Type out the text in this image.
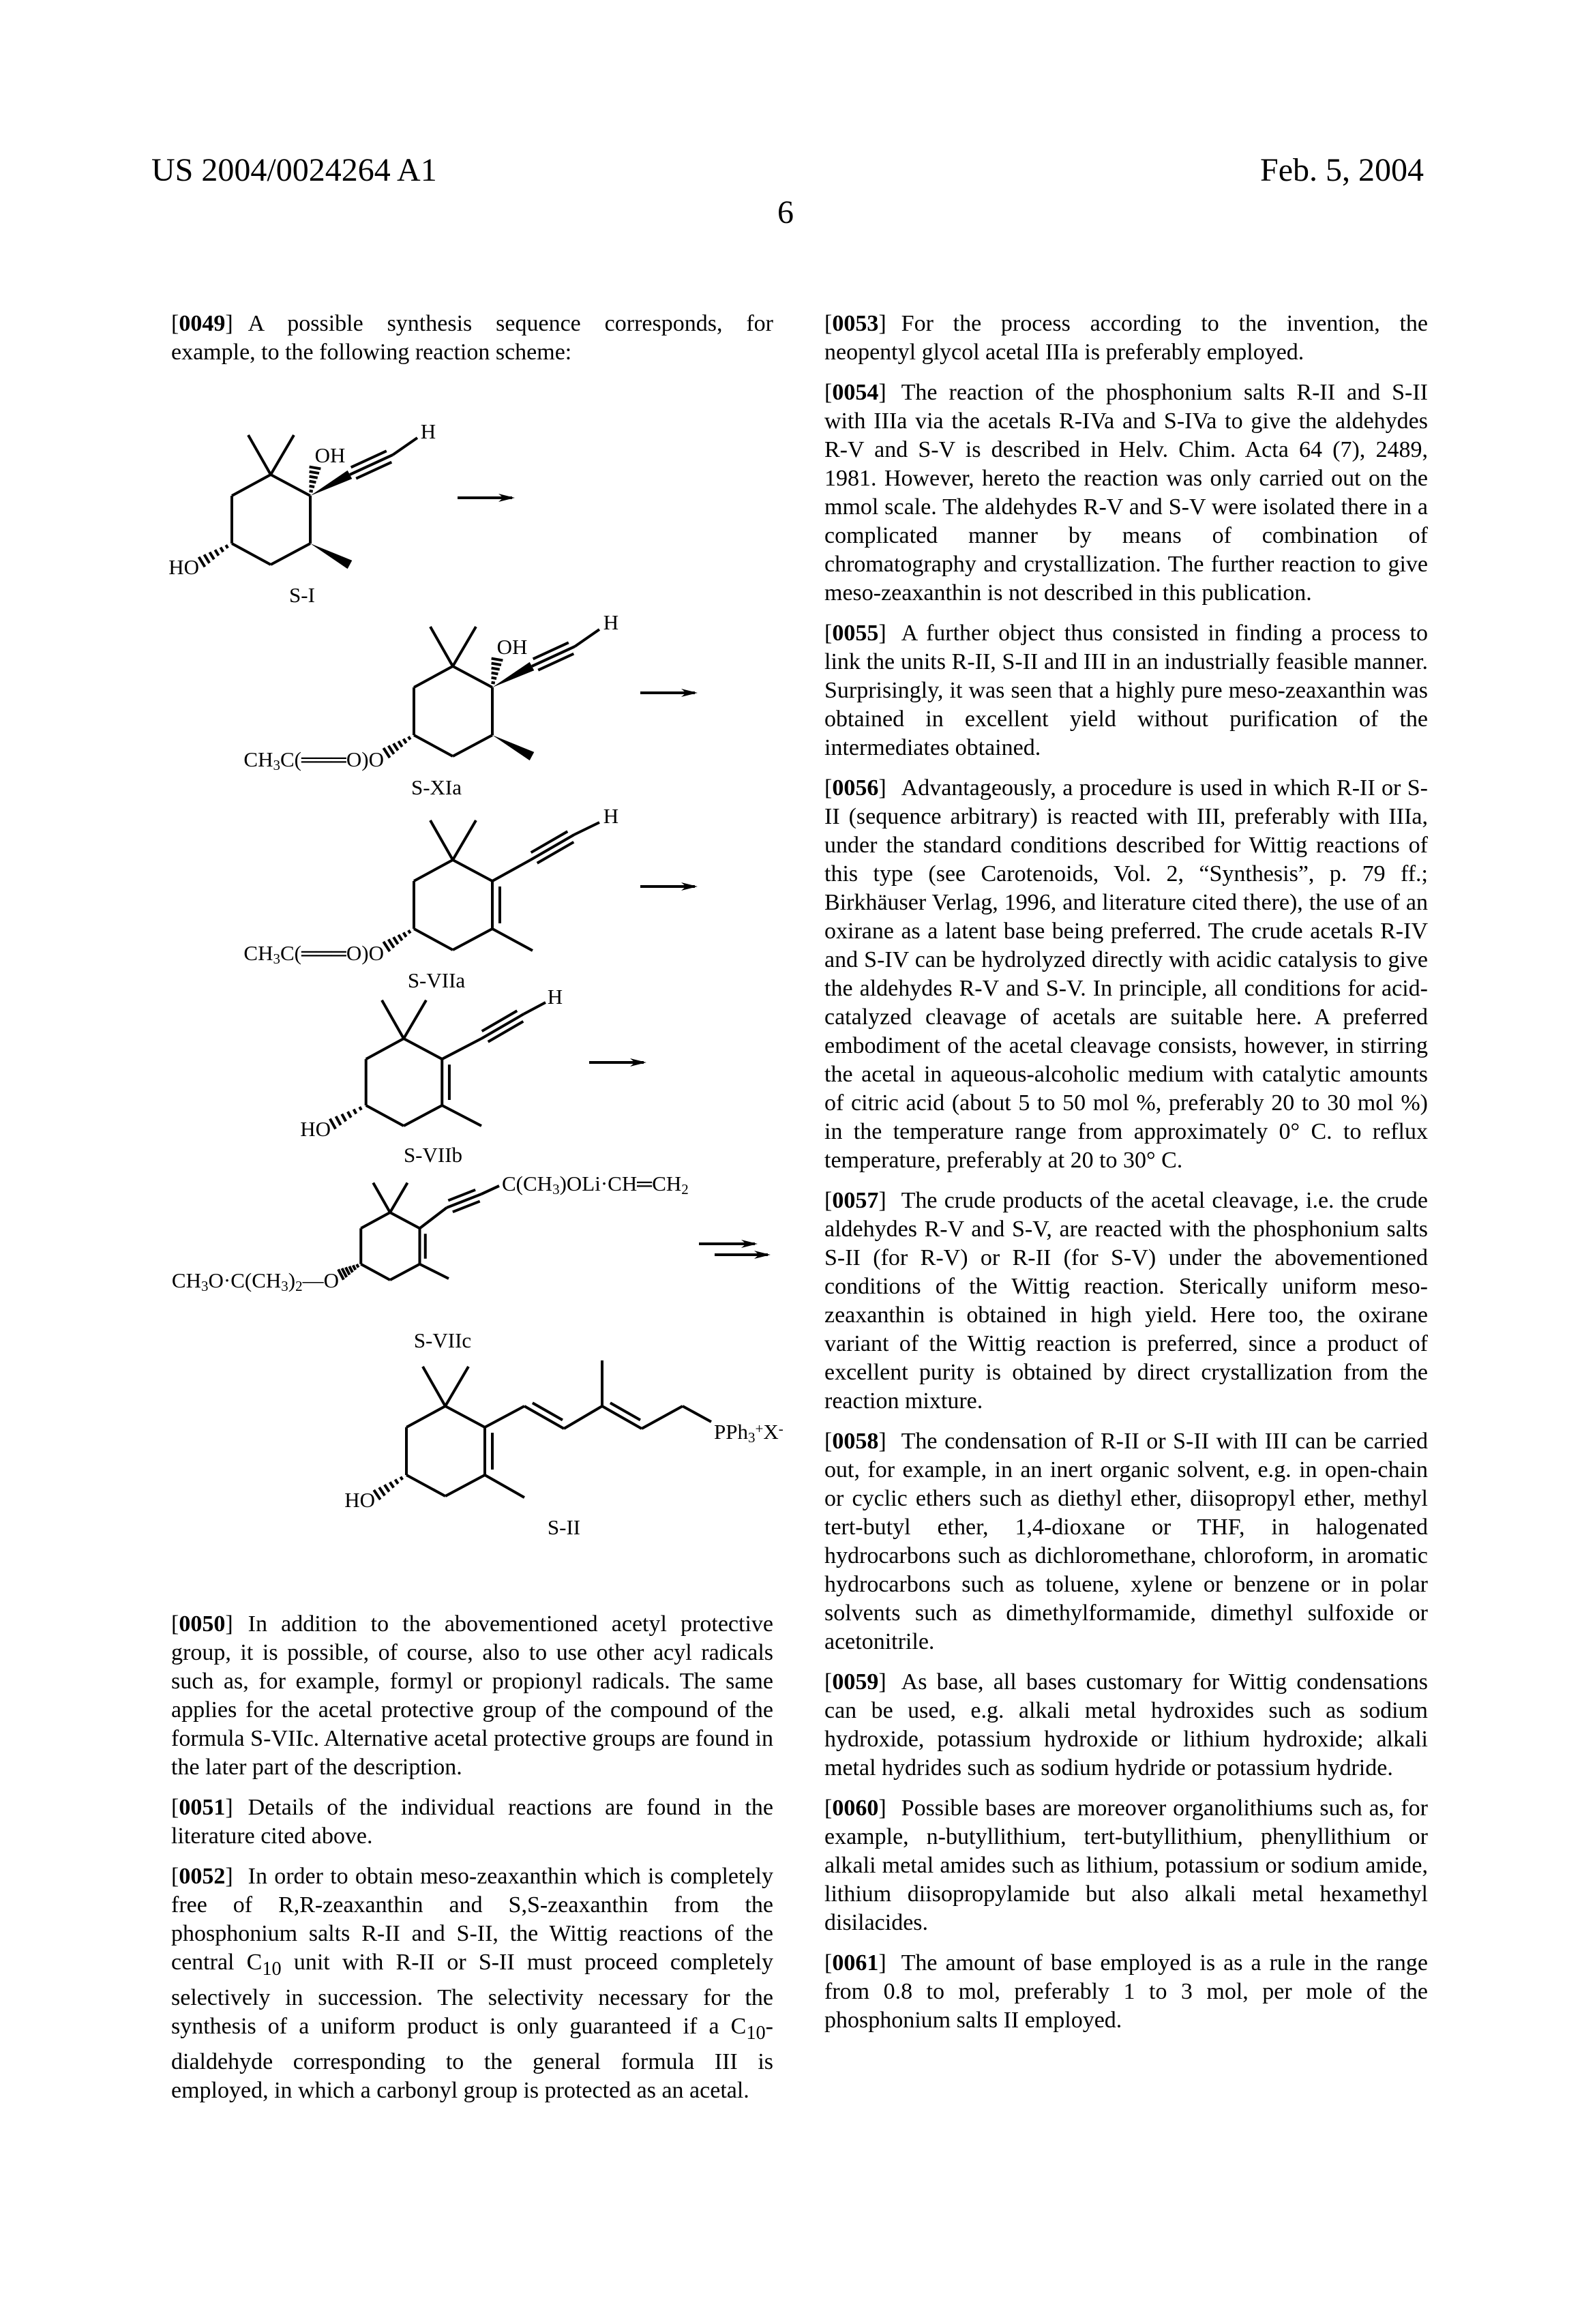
US 2004/0024264 A1	Feb. 5, 2004
6
[ 0049 ] A possible synthesis sequence corresponds, for example, to the following reaction scheme:
[ 0050 ] In addition to the abovementioned acetyl protective group, it is possible, of course, also to use other acyl radicals such as, for example, formyl or propionyl radicals. The same applies for the acetal protective group of the compound of the formula S-VIIc. Alternative acetal protective groups are found in the later part of the description.
[ 0051 ] Details of the individual reactions are found in the literature cited above.
[ 0052 ] In order to obtain meso-zeaxanthin which is completely free of R,R-zeaxanthin and S,S-zeaxanthin from the phosphonium salts R-II and S-II, the Wittig reactions of the central C10 unit with R-II or S-II must proceed completely selectively in succession. The selectivity necessary for the synthesis of a uniform product is only guaranteed if a C10-dialdehyde corresponding to the general formula III is employed, in which a carbonyl group is protected as an acetal.
[ 0053 ] For the process according to the invention, the neopentyl glycol acetal IIIa is preferably employed.
[ 0054 ] The reaction of the phosphonium salts R-II and S-II with IIIa via the acetals R-IVa and S-IVa to give the aldehydes R-V and S-V is described in Helv. Chim. Acta 64 (7), 2489, 1981. However, hereto the reaction was only carried out on the mmol scale. The aldehydes R-V and S-V were isolated there in a complicated manner by means of combination of chromatography and crystallization. The further reaction to give meso-zeaxanthin is not described in this publication.
[ 0055 ] A further object thus consisted in finding a process to link the units R-II, S-II and III in an industrially feasible manner. Surprisingly, it was seen that a highly pure meso-zeaxanthin was obtained in excellent yield without purification of the intermediates obtained.
[ 0056 ] Advantageously, a procedure is used in which R-II or S-II (sequence arbitrary) is reacted with III, preferably with IIIa, under the standard conditions described for Wittig reactions of this type (see Carotenoids, Vol. 2, “Synthesis”, p. 79 ff.; Birkhäuser Verlag, 1996, and literature cited there), the use of an oxirane as a latent base being preferred. The crude acetals R-IV and S-IV can be hydrolyzed directly with acidic catalysis to give the aldehydes R-V and S-V. In principle, all conditions for acid-catalyzed cleavage of acetals are suitable here. A preferred embodiment of the acetal cleavage consists, however, in stirring the acetal in aqueous-alcoholic medium with catalytic amounts of citric acid (about 5 to 50 mol %, preferably 20 to 30 mol %) in the temperature range from approximately 0° C. to reflux temperature, preferably at 20 to 30° C.
[ 0057 ] The crude products of the acetal cleavage, i.e. the crude aldehydes R-V and S-V, are reacted with the phosphonium salts S-II (for R-V) or R-II (for S-V) under the abovementioned conditions of the Wittig reaction. Sterically uniform meso-zeaxanthin is obtained in high yield. Here too, the oxirane variant of the Wittig reaction is preferred, since a product of excellent purity is obtained by direct crystallization from the reaction mixture.
[ 0058 ] The condensation of R-II or S-II with III can be carried out, for example, in an inert organic solvent, e.g. in open-chain or cyclic ethers such as diethyl ether, diisopropyl ether, methyl tert-butyl ether, 1,4-dioxane or THF, in halogenated hydrocarbons such as dichloromethane, chloroform, in aromatic hydrocarbons such as toluene, xylene or benzene or in polar solvents such as dimethylformamide, dimethyl sulfoxide or acetonitrile.
[ 0059 ] As base, all bases customary for Wittig condensations can be used, e.g. alkali metal hydroxides such as sodium hydroxide, potassium hydroxide or lithium hydroxide; alkali metal hydrides such as sodium hydride or potassium hydride.
[ 0060 ] Possible bases are moreover organolithiums such as, for example, n-butyllithium, tert-butyllithium, phenyllithium or alkali metal amides such as lithium, potassium or sodium amide, lithium diisopropylamide but also alkali metal hexamethyl disilacides.
[ 0061 ] The amount of base employed is as a rule in the range from 0.8 to mol, preferably 1 to 3 mol, per mole of the phosphonium salts II employed.
OH
H
HO
S-I
OH
H
CH3C(═══O)O
S-XIa
H
CH3C(═══O)O
S-VIIa
H
HO
S-VIIb
C(CH3)OLi·CH═CH2
CH3O·C(CH3)2—O
S-VIIc
PPh3+X-
HO
S-II
